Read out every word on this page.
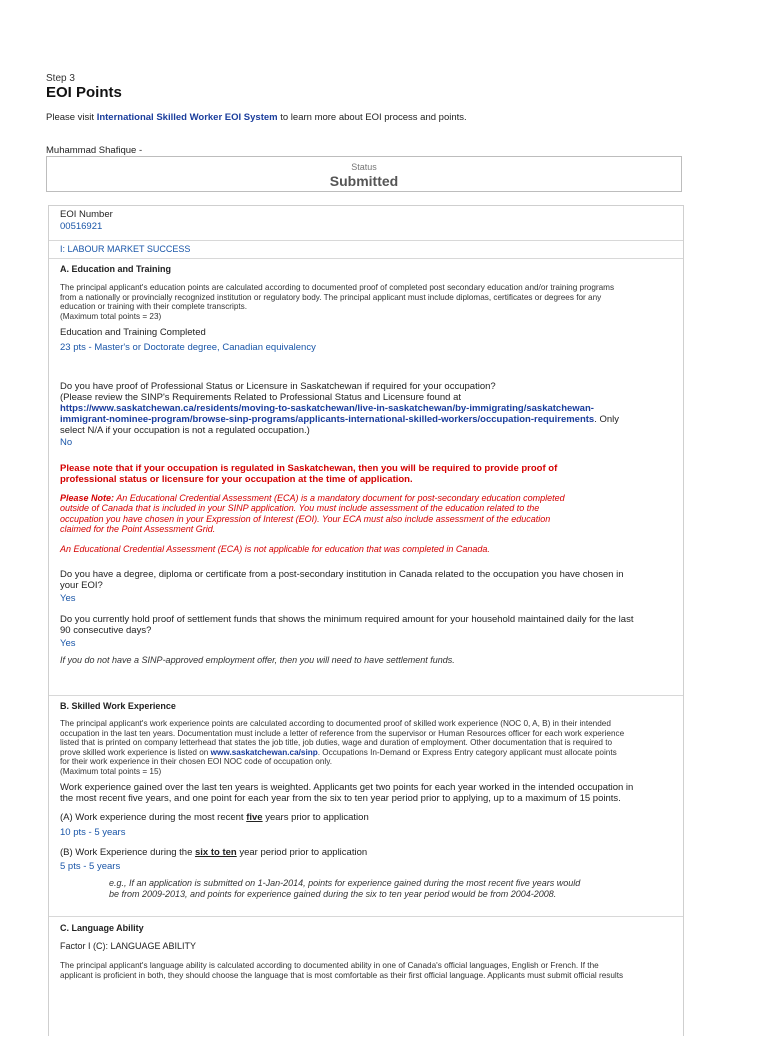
Step 3
EOI Points
Please visit International Skilled Worker EOI System to learn more about EOI process and points.
Muhammad Shafique -
Status
Submitted
EOI Number
00516921
I: LABOUR MARKET SUCCESS
A. Education and Training
The principal applicant's education points are calculated according to documented proof of completed post secondary education and/or training programs
from a nationally or provincially recognized institution or regulatory body. The principal applicant must include diplomas, certificates or degrees for any
education or training with their complete transcripts.
(Maximum total points = 23)
Education and Training Completed
23 pts - Master's or Doctorate degree, Canadian equivalency
Do you have proof of Professional Status or Licensure in Saskatchewan if required for your occupation?
(Please review the SINP's Requirements Related to Professional Status and Licensure found at
https://www.saskatchewan.ca/residents/moving-to-saskatchewan/live-in-saskatchewan/by-immigrating/saskatchewan-
immigrant-nominee-program/browse-sinp-programs/applicants-international-skilled-workers/occupation-requirements. Only
select N/A if your occupation is not a regulated occupation.)
No
Please note that if your occupation is regulated in Saskatchewan, then you will be required to provide proof of
professional status or licensure for your occupation at the time of application.
Please Note: An Educational Credential Assessment (ECA) is a mandatory document for post-secondary education completed
outside of Canada that is included in your SINP application. You must include assessment of the education related to the
occupation you have chosen in your Expression of Interest (EOI). Your ECA must also include assessment of the education
claimed for the Point Assessment Grid.
An Educational Credential Assessment (ECA) is not applicable for education that was completed in Canada.
Do you have a degree, diploma or certificate from a post-secondary institution in Canada related to the occupation you have chosen in
your EOI?
Yes
Do you currently hold proof of settlement funds that shows the minimum required amount for your household maintained daily for the last
90 consecutive days?
Yes
If you do not have a SINP-approved employment offer, then you will need to have settlement funds.
B. Skilled Work Experience
The principal applicant's work experience points are calculated according to documented proof of skilled work experience (NOC 0, A, B) in their intended
occupation in the last ten years. Documentation must include a letter of reference from the supervisor or Human Resources officer for each work experience
listed that is printed on company letterhead that states the job title, job duties, wage and duration of employment. Other documentation that is required to
prove skilled work experience is listed on www.saskatchewan.ca/sinp. Occupations In-Demand or Express Entry category applicant must allocate points
for their work experience in their chosen EOI NOC code of occupation only.
(Maximum total points = 15)
Work experience gained over the last ten years is weighted. Applicants get two points for each year worked in the intended occupation in
the most recent five years, and one point for each year from the six to ten year period prior to applying, up to a maximum of 15 points.
(A) Work experience during the most recent five years prior to application
10 pts - 5 years
(B) Work Experience during the six to ten year period prior to application
5 pts - 5 years
e.g., If an application is submitted on 1-Jan-2014, points for experience gained during the most recent five years would
be from 2009-2013, and points for experience gained during the six to ten year period would be from 2004-2008.
C. Language Ability
Factor I (C): LANGUAGE ABILITY
The principal applicant's language ability is calculated according to documented ability in one of Canada's official languages, English or French. If the
applicant is proficient in both, they should choose the language that is most comfortable as their first official language. Applicants must submit official results
